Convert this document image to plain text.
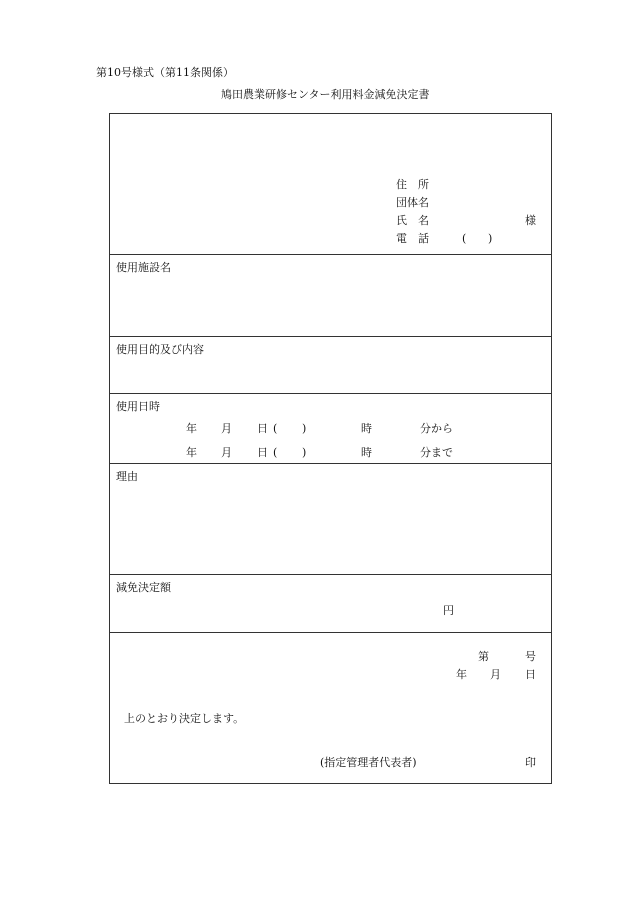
第10号様式（第11条関係）
鳩田農業研修センター利用料金減免決定書
住　所
団体名
氏　名	様
電　話	( )
使用施設名
使用目的及び内容
使用日時
年 月 日 ( )	時	分から
年 月 日 ( )	時	分まで
理由
減免決定額
円
第	号
年 月 日
上のとおり決定します。
(指定管理者代表者)	印
